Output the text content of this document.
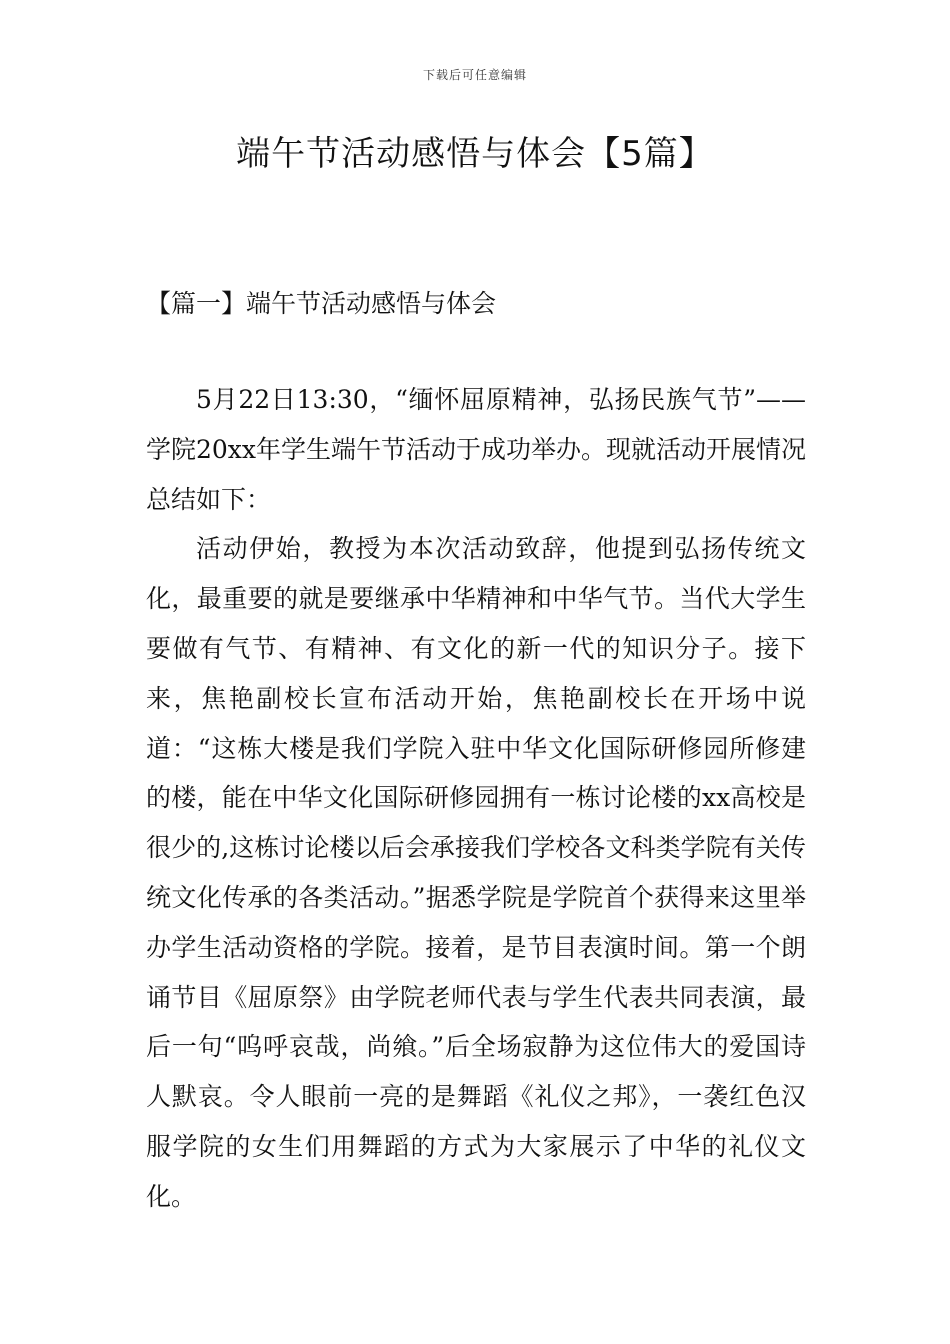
下载后可任意编辑
端午节活动感悟与体会【5篇】
【篇一】端午节活动感悟与体会

5月22日13:30，“缅怀屈原精神，弘扬民族气节”——学院20xx年学生端午节活动于成功举办。现就活动开展情况总结如下：

活动伊始，教授为本次活动致辞，他提到弘扬传统文化，最重要的就是要继承中华精神和中华气节。当代大学生要做有气节、有精神、有文化的新一代的知识分子。接下来，焦艳副校长宣布活动开始，焦艳副校长在开场中说道：“这栋大楼是我们学院入驻中华文化国际研修园所修建的楼，能在中华文化国际研修园拥有一栋讨论楼的xx高校是很少的,这栋讨论楼以后会承接我们学校各文科类学院有关传统文化传承的各类活动。”据悉学院是学院首个获得来这里举办学生活动资格的学院。接着，是节目表演时间。第一个朗诵节目《屈原祭》由学院老师代表与学生代表共同表演，最后一句“呜呼哀哉，尚飨。”后全场寂静为这位伟大的爱国诗人默哀。令人眼前一亮的是舞蹈《礼仪之邦》，一袭红色汉服学院的女生们用舞蹈的方式为大家展示了中华的礼仪文化。
